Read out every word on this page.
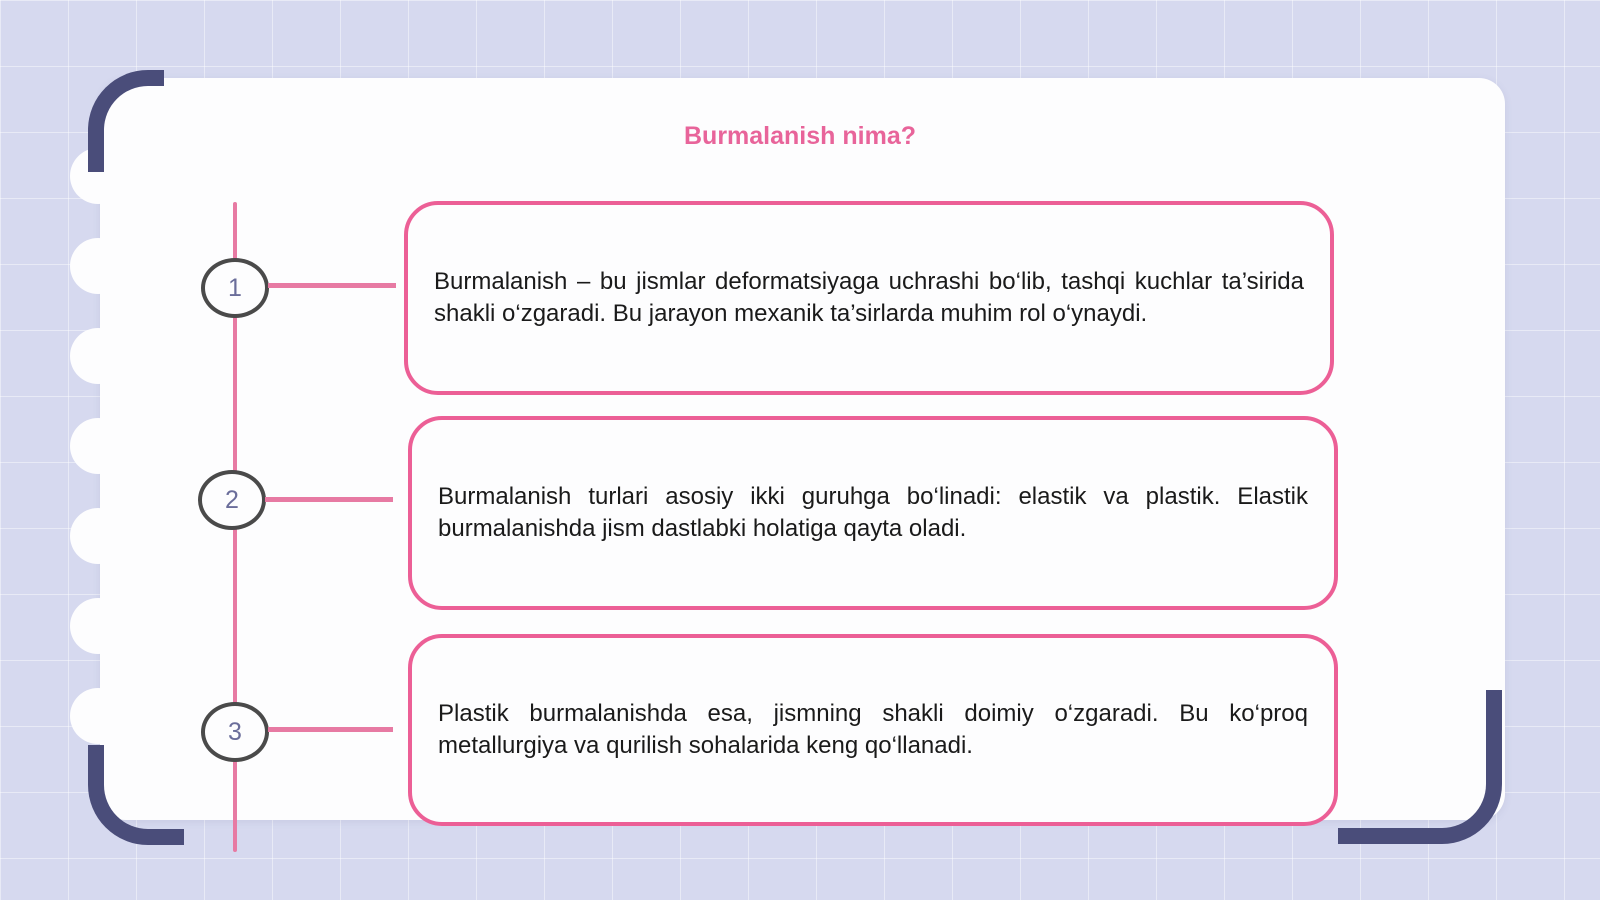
Burmalanish nima?
1	Burmalanish – bu jismlar deformatsiyaga uchrashi bo‘lib, tashqi kuchlar ta’sirida shakli o‘zgaradi. Bu jarayon mexanik ta’sirlarda muhim rol o‘ynaydi.
2	Burmalanish turlari asosiy ikki guruhga bo‘linadi: elastik va plastik. Elastik burmalanishda jism dastlabki holatiga qayta oladi.
3
Plastik burmalanishda esa, jismning shakli doimiy o‘zgaradi. Bu ko‘proq metallurgiya va qurilish sohalarida keng qo‘llanadi.
